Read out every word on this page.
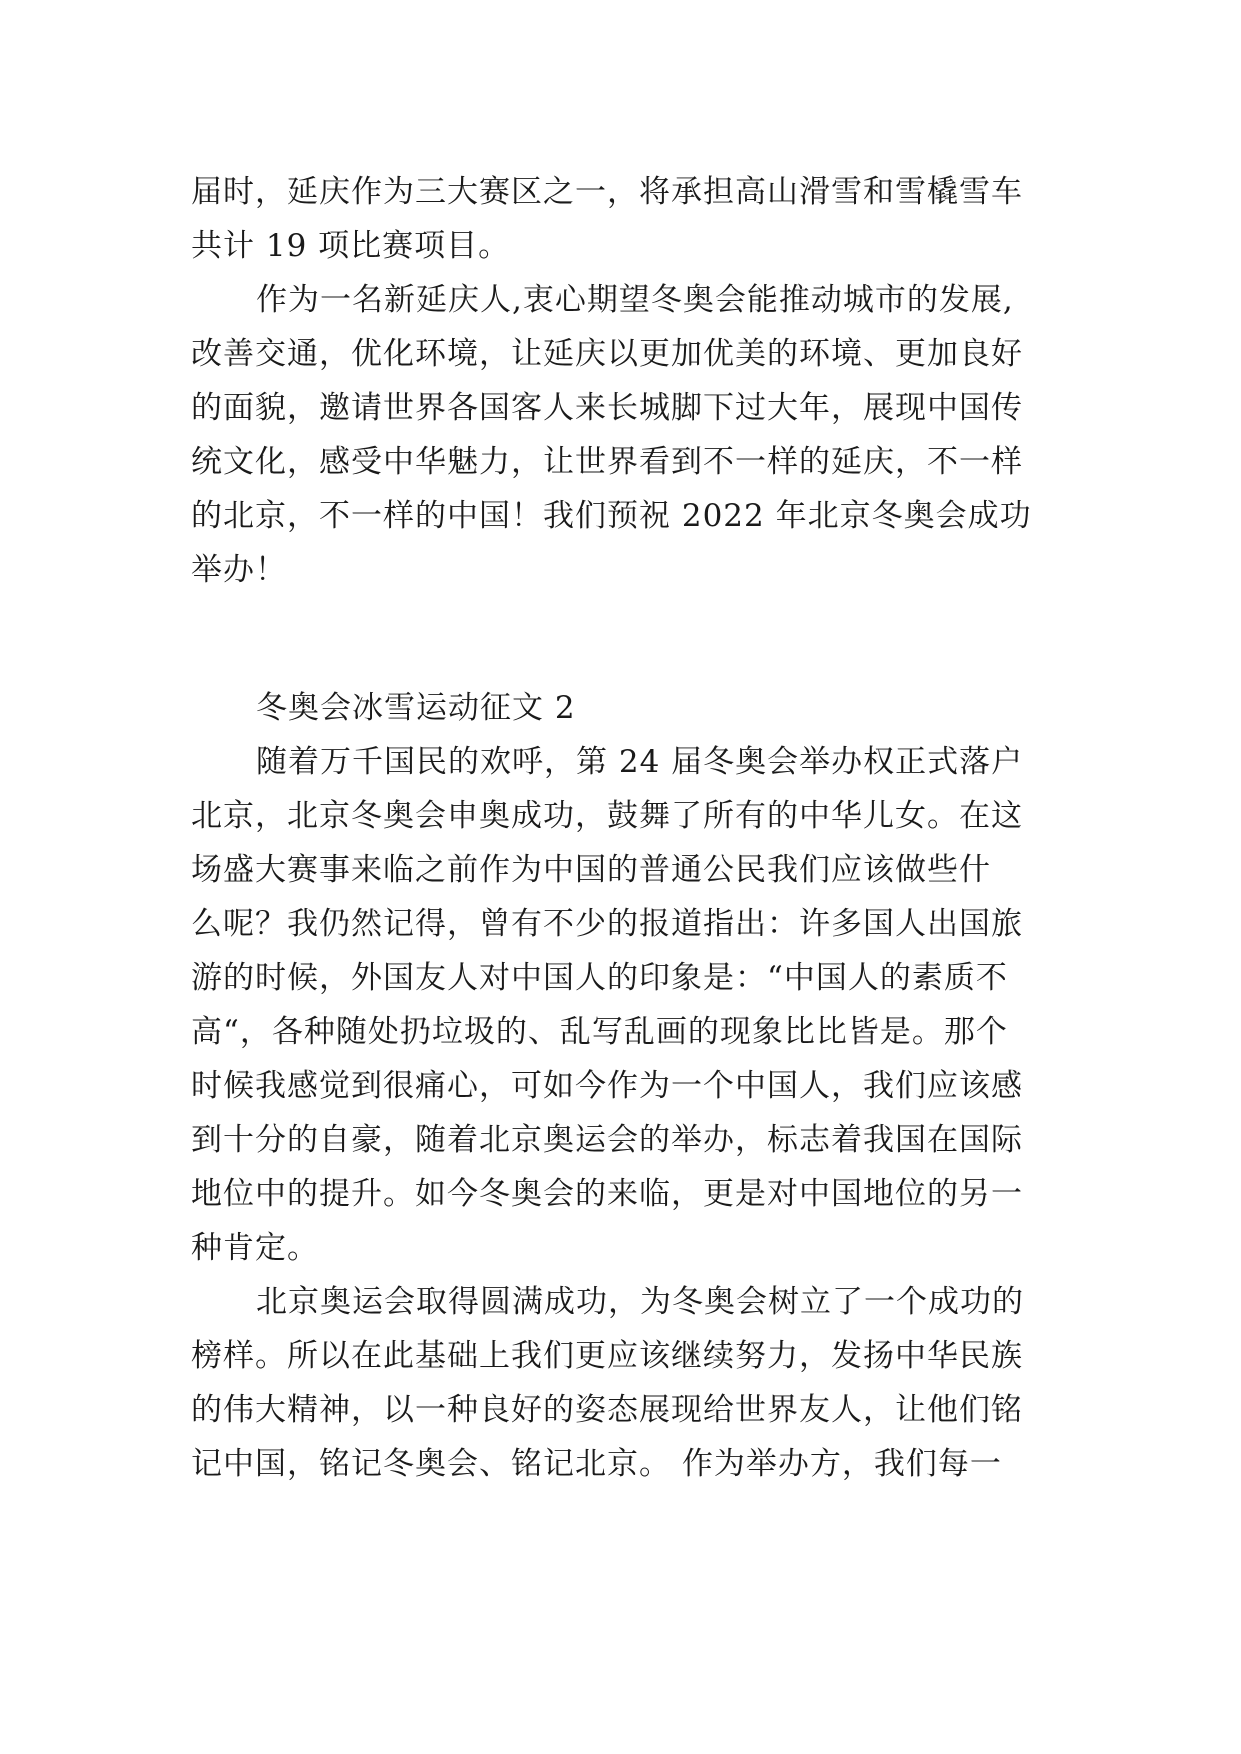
届时，延庆作为三大赛区之一，将承担高山滑雪和雪橇雪车
共计 19 项比赛项目。
作为一名新延庆人,衷心期望冬奥会能推动城市的发展,
改善交通，优化环境，让延庆以更加优美的环境、更加良好
的面貌，邀请世界各国客人来长城脚下过大年，展现中国传
统文化，感受中华魅力，让世界看到不一样的延庆，不一样
的北京，不一样的中国！我们预祝 2022 年北京冬奥会成功
举办！
冬奥会冰雪运动征文 2
随着万千国民的欢呼，第 24 届冬奥会举办权正式落户
北京，北京冬奥会申奥成功，鼓舞了所有的中华儿女。在这
场盛大赛事来临之前作为中国的普通公民我们应该做些什
么呢？我仍然记得，曾有不少的报道指出：许多国人出国旅
游的时候，外国友人对中国人的印象是：“中国人的素质不
高“，各种随处扔垃圾的、乱写乱画的现象比比皆是。那个
时候我感觉到很痛心，可如今作为一个中国人，我们应该感
到十分的自豪，随着北京奥运会的举办，标志着我国在国际
地位中的提升。如今冬奥会的来临，更是对中国地位的另一
种肯定。
北京奥运会取得圆满成功，为冬奥会树立了一个成功的
榜样。所以在此基础上我们更应该继续努力，发扬中华民族
的伟大精神，以一种良好的姿态展现给世界友人，让他们铭
记中国，铭记冬奥会、铭记北京。 作为举办方，我们每一
